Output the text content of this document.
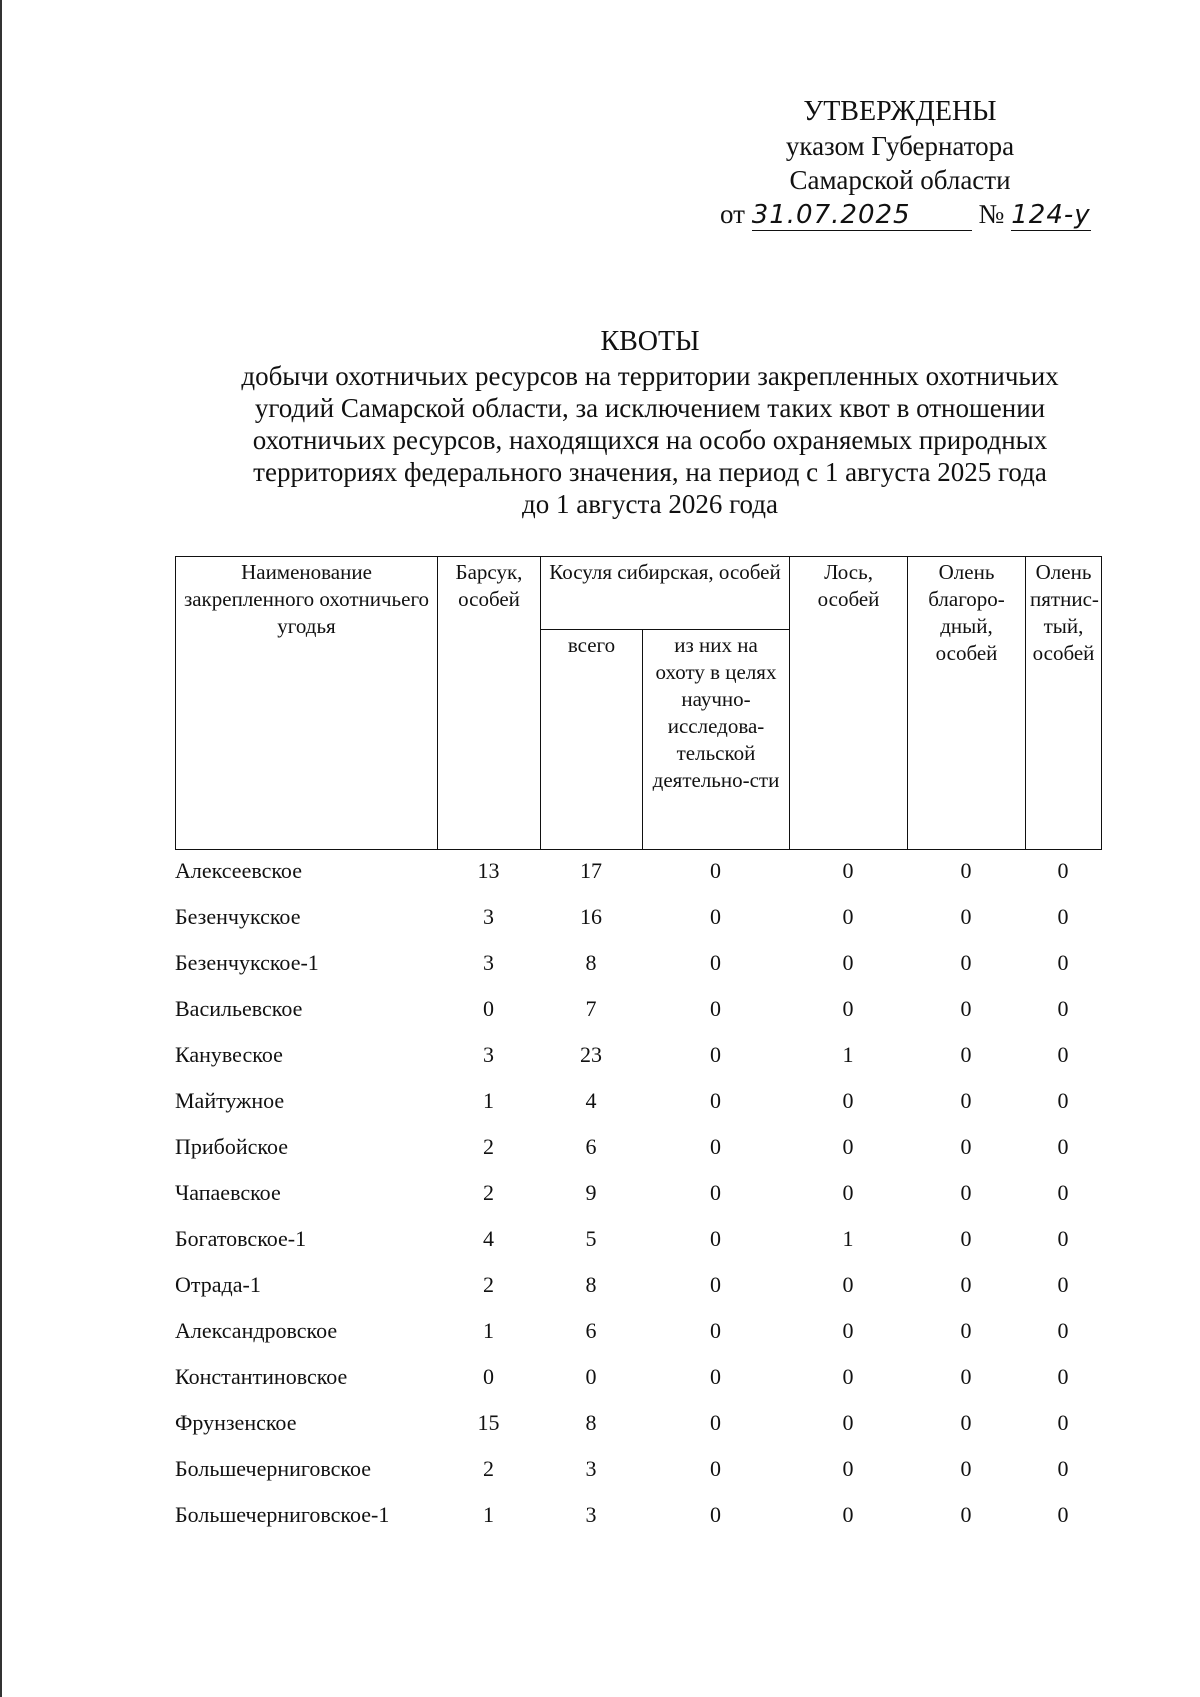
УТВЕРЖДЕНЫ
указом Губернатора
Самарской области
от 31.07.2025	№ 124-у
КВОТЫ
добычи охотничьих ресурсов на территории закрепленных охотничьих
угодий Самарской области, за исключением таких квот в отношении
охотничьих ресурсов, находящихся на особо охраняемых природных
территориях федерального значения, на период с 1 августа 2025 года
до 1 августа 2026 года
Наименование закрепленного охотничьего угодья	Барсук, особей	Косуля сибирская, особей		Лось, особей	Олень благоро-дный, особей	Олень пятнис-тый, особей
		всего	из них на охоту в целях научно-исследова-тельской деятельно-сти			
Алексеевское	13	17	0	0	0	0
Безенчукское	3	16	0	0	0	0
Безенчукское-1	3	8	0	0	0	0
Васильевское	0	7	0	0	0	0
Канувеское	3	23	0	1	0	0
Майтужное	1	4	0	0	0	0
Прибойское	2	6	0	0	0	0
Чапаевское	2	9	0	0	0	0
Богатовское-1	4	5	0	1	0	0
Отрада-1	2	8	0	0	0	0
Александровское	1	6	0	0	0	0
Константиновское	0	0	0	0	0	0
Фрунзенское	15	8	0	0	0	0
Большечерниговское	2	3	0	0	0	0
Большечерниговское-1	1	3	0	0	0	0
